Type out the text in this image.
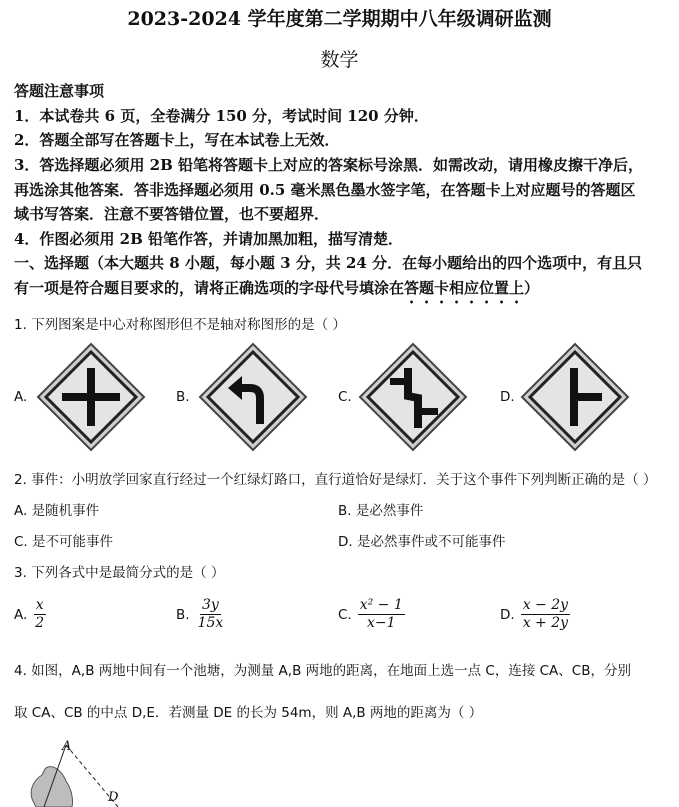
2023-2024 学年度第二学期期中八年级调研监测
数学
答题注意事项
1．本试卷共 6 页，全卷满分 150 分，考试时间 120 分钟．
2．答题全部写在答题卡上，写在本试卷上无效．
3．答选择题必须用 2B 铅笔将答题卡上对应的答案标号涂黑．如需改动，请用橡皮擦干净后，
再选涂其他答案．答非选择题必须用 0.5 毫米黑色墨水签字笔，在答题卡上对应题号的答题区
域书写答案．注意不要答错位置，也不要超界．
4．作图必须用 2B 铅笔作答，并请加黑加粗，描写清楚．
一、选择题（本大题共 8 小题，每小题 3 分，共 24 分．在每小题给出的四个选项中，有且只
有一项是符合题目要求的，请将正确选项的字母代号填涂在答题卡相应位置上）
1. 下列图案是中心对称图形但不是轴对称图形的是（ ）
A.	B.	C.	D.
2. 事件：小明放学回家直行经过一个红绿灯路口，直行道恰好是绿灯．关于这个事件下列判断正确的是（ ）
A. 是随机事件	B. 是必然事件
C. 是不可能事件	D. 是必然事件或不可能事件
3. 下列各式中是最简分式的是（ ）
A. $\frac{x}{2}$	B. $\frac{3y}{15x}$	C. $\frac{\text{x² − 1}}{x-1}$	D. $\frac{x - 2y}{x + 2y}$
4. 如图，A,B 两地中间有一个池塘，为测量 A,B 两地的距离，在地面上选一点 C，连接 CA、CB，分别
取 CA、CB 的中点 D,E．若测量 DE 的长为 54m，则 A,B 两地的距离为（ ）
A
D
